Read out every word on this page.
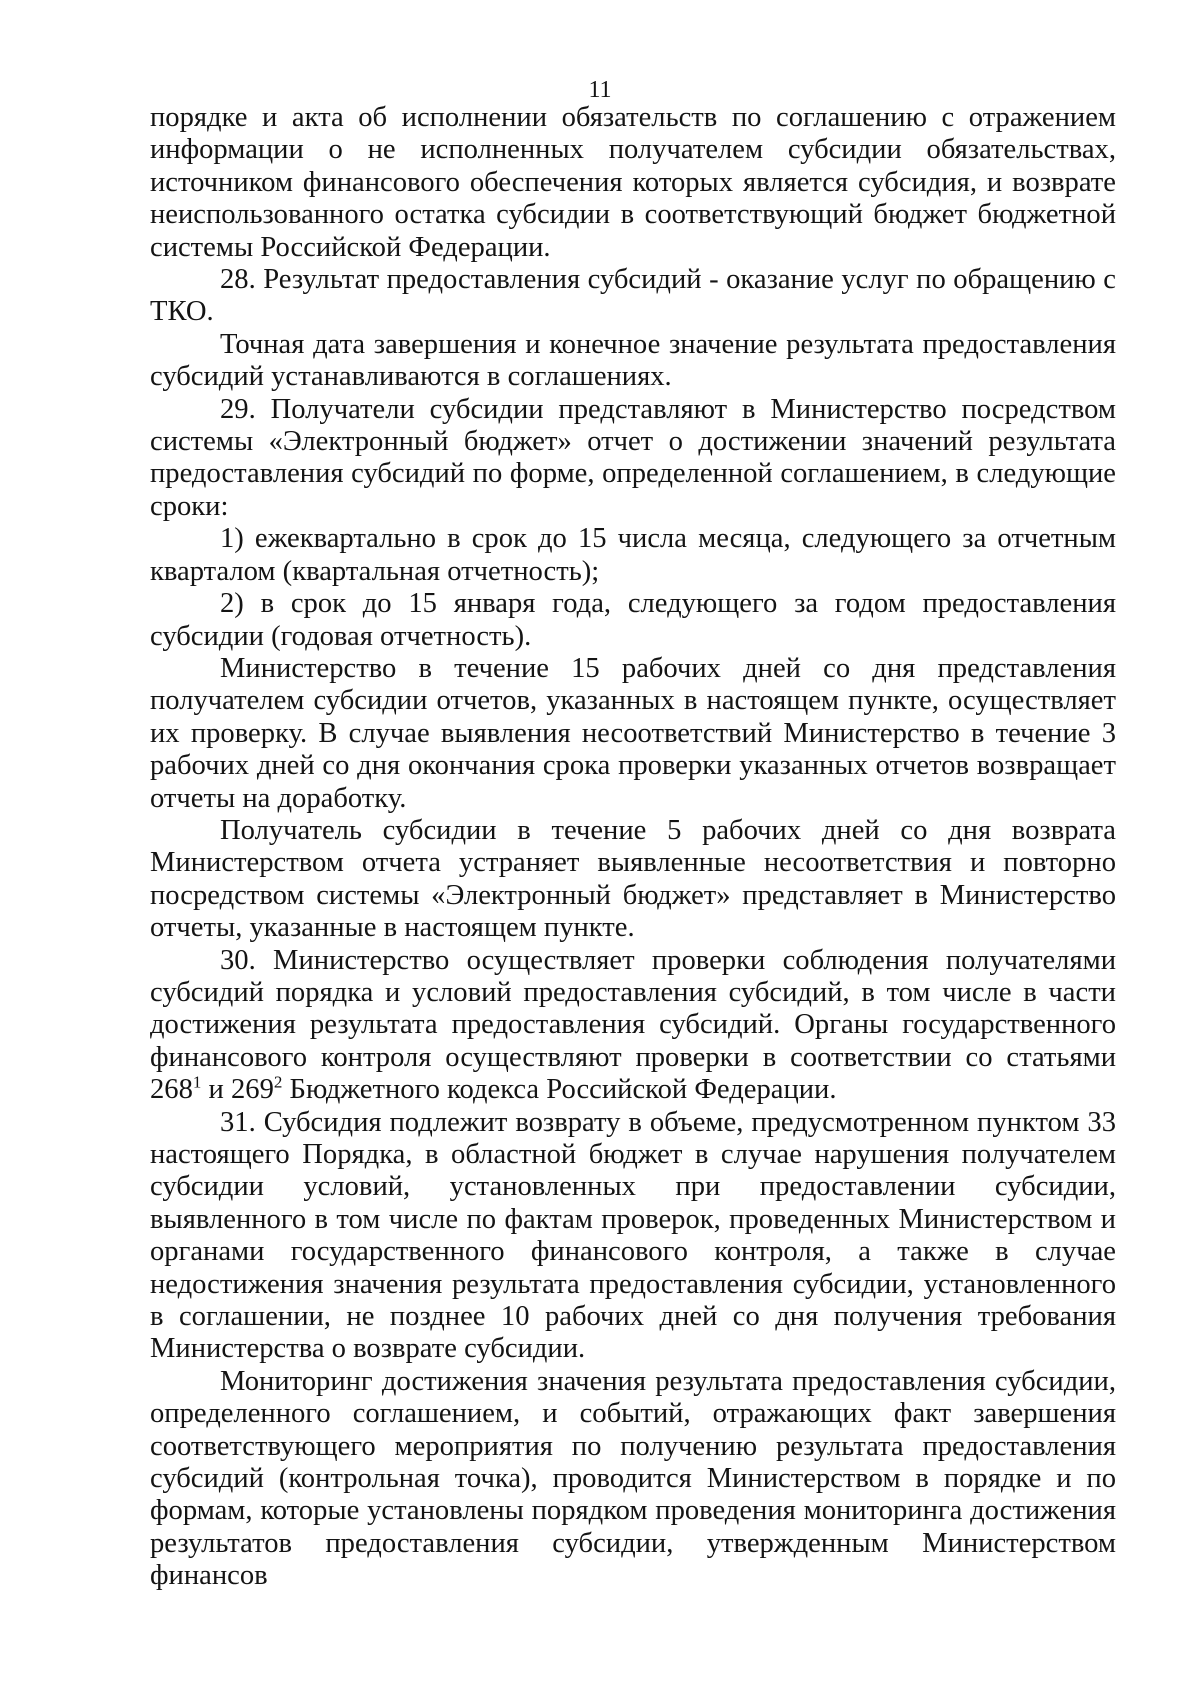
11

порядке и акта об исполнении обязательств по соглашению с отражением информации о не исполненных получателем субсидии обязательствах, источником финансового обеспечения которых является субсидия, и возврате неиспользованного остатка субсидии в соответствующий бюджет бюджетной системы Российской Федерации.

28. Результат предоставления субсидий - оказание услуг по обращению с ТКО.

Точная дата завершения и конечное значение результата предоставления субсидий устанавливаются в соглашениях.

29. Получатели субсидии представляют в Министерство посредством системы «Электронный бюджет» отчет о достижении значений результата предоставления субсидий по форме, определенной соглашением, в следующие сроки:

1) ежеквартально в срок до 15 числа месяца, следующего за отчетным кварталом (квартальная отчетность);

2) в срок до 15 января года, следующего за годом предоставления субсидии (годовая отчетность).

Министерство в течение 15 рабочих дней со дня представления получателем субсидии отчетов, указанных в настоящем пункте, осуществляет их проверку. В случае выявления несоответствий Министерство в течение 3 рабочих дней со дня окончания срока проверки указанных отчетов возвращает отчеты на доработку.

Получатель субсидии в течение 5 рабочих дней со дня возврата Министерством отчета устраняет выявленные несоответствия и повторно посредством системы «Электронный бюджет» представляет в Министерство отчеты, указанные в настоящем пункте.

30. Министерство осуществляет проверки соблюдения получателями субсидий порядка и условий предоставления субсидий, в том числе в части достижения результата предоставления субсидий. Органы государственного финансового контроля осуществляют проверки в соответствии со статьями $268^1$ и $269^2$ Бюджетного кодекса Российской Федерации.

31. Субсидия подлежит возврату в объеме, предусмотренном пунктом 33 настоящего Порядка, в областной бюджет в случае нарушения получателем субсидии условий, установленных при предоставлении субсидии, выявленного в том числе по фактам проверок, проведенных Министерством и органами государственного финансового контроля, а также в случае недостижения значения результата предоставления субсидии, установленного в соглашении, не позднее 10 рабочих дней со дня получения требования Министерства о возврате субсидии.

Мониторинг достижения значения результата предоставления субсидии, определенного соглашением, и событий, отражающих факт завершения соответствующего мероприятия по получению результата предоставления субсидий (контрольная точка), проводится Министерством в порядке и по формам, которые установлены порядком проведения мониторинга достижения результатов предоставления субсидии, утвержденным Министерством финансов
